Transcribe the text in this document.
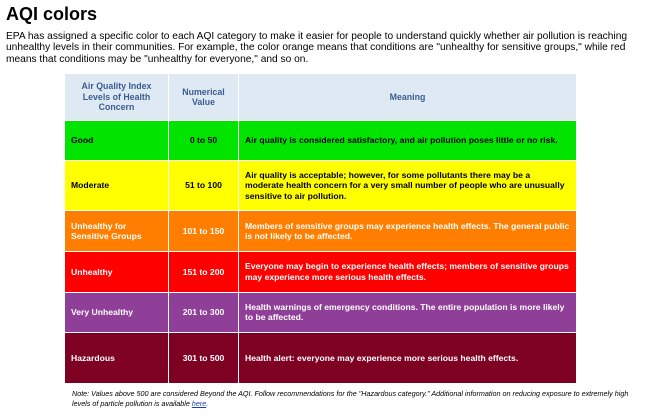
AQI colors

EPA has assigned a specific color to each AQI category to make it easier for people to understand quickly whether air pollution is reaching unhealthy levels in their communities. For example, the color orange means that conditions are "unhealthy for sensitive groups," while red means that conditions may be "unhealthy for everyone," and so on.

Air Quality Index Levels of Health Concern	Numerical Value	Meaning
Good	0 to 50	Air quality is considered satisfactory, and air pollution poses little or no risk.
Moderate	51 to 100	Air quality is acceptable; however, for some pollutants there may be a moderate health concern for a very small number of people who are unusually sensitive to air pollution.
Unhealthy for Sensitive Groups	101 to 150	Members of sensitive groups may experience health effects. The general public is not likely to be affected.
Unhealthy	151 to 200	Everyone may begin to experience health effects; members of sensitive groups may experience more serious health effects.
Very Unhealthy	201 to 300	Health warnings of emergency conditions. The entire population is more likely to be affected.
Hazardous	301 to 500	Health alert: everyone may experience more serious health effects.

Note: Values above 500 are considered Beyond the AQI. Follow recommendations for the "Hazardous category." Additional information on reducing exposure to extremely high levels of particle pollution is available here.
